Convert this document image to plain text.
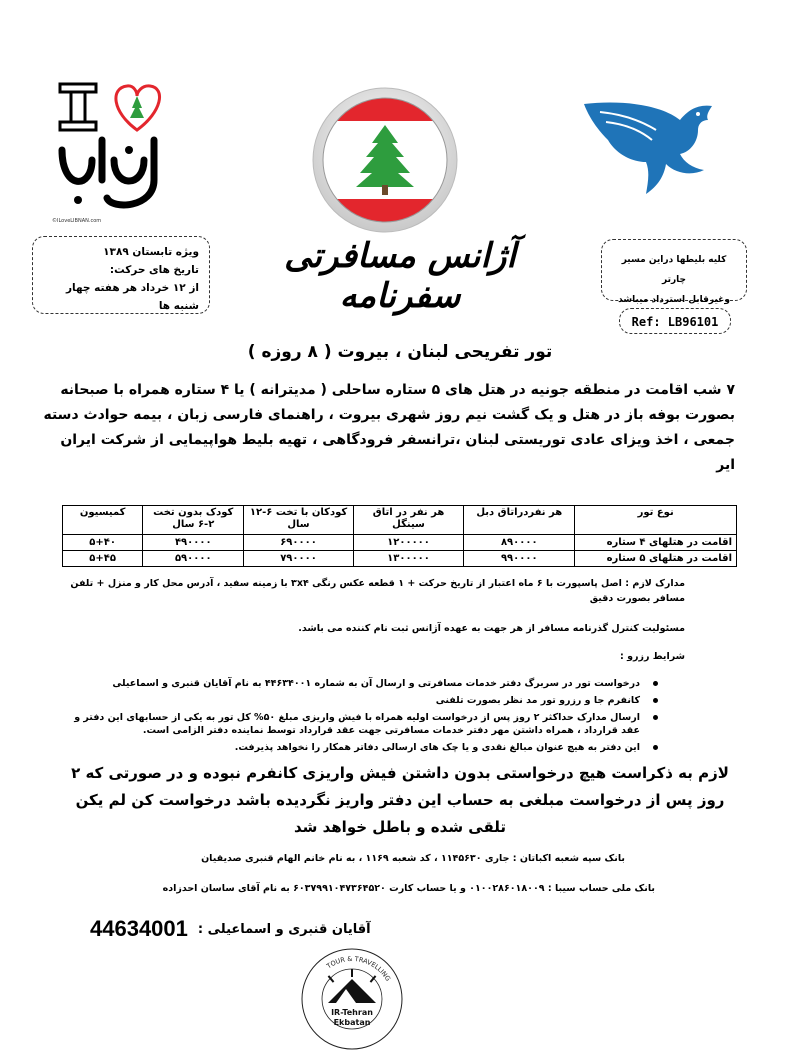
©ILoveLIBNAN.com
آژانس مسافرتی سفرنامه
ویژه تابستان ۱۳۸۹
تاریخ های حرکت:
از ۱۲ خرداد هر هفته چهار شنبه ها
کلیه بلیطها دراین مسیر چارتر
وغیرقابل استرداد میباشد
Ref: LB96101
تور تفریحی لبنان ، بیروت ( ۸ روزه )
۷ شب اقامت در منطقه جونیه در هتل های ۵ ستاره ساحلی ( مدیترانه ) یا ۴ ستاره همراه با صبحانه بصورت بوفه باز در هتل و یک گشت نیم روز شهری بیروت ، راهنمای فارسی زبان ، بیمه حوادث دسته جمعی ، اخذ ویزای عادی توریستی لبنان ،ترانسفر فرودگاهی ، تهیه بلیط هواپیمایی از شرکت ایران ایر
نوع تور	هر نفردراتاق دبل	هر نفر در اتاق سینگل	کودکان با تخت ۶-۱۲ سال	کودک بدون تخت ۲-۶ سال	کمیسیون
اقامت در هتلهای ۴ ستاره	۸۹۰۰۰۰	۱۲۰۰۰۰۰	۶۹۰۰۰۰	۴۹۰۰۰۰	۵+۴۰
اقامت در هتلهای ۵ ستاره	۹۹۰۰۰۰	۱۳۰۰۰۰۰	۷۹۰۰۰۰	۵۹۰۰۰۰	۵+۴۵
مدارک لازم : اصل پاسپورت با ۶ ماه اعتبار از تاریخ حرکت + ۱ قطعه عکس رنگی ۳x۴ با زمینه سفید ، آدرس محل کار و منزل + تلفن مسافر بصورت دقیق
مسئولیت کنترل گذرنامه مسافر از هر جهت به عهده آژانس ثبت نام کننده می باشد.
شرایط رزرو :
درخواست تور در سربرگ دفتر خدمات مسافرتی و ارسال آن به شماره ۴۴۶۳۴۰۰۱ به نام آقایان قنبری و اسماعیلی
کانفرم جا و رزرو تور مد نظر بصورت تلفنی
ارسال مدارک حداکثر ۲ روز پس از درخواست اولیه همراه با فیش واریزی مبلغ ۵۰% کل تور به یکی از حسابهای این دفتر و عقد قرارداد ، همراه داشتن مهر دفتر خدمات مسافرتی جهت عقد قرارداد توسط نماینده دفتر الزامی است.
این دفتر به هیچ عنوان مبالغ نقدی و یا چک های ارسالی دفاتر همکار را نخواهد پذیرفت.
لازم به ذکراست هیچ درخواستی بدون داشتن فیش واریزی کانفرم نبوده و در صورتی که ۲ روز پس از درخواست مبلغی به حساب این دفتر واریز نگردیده باشد درخواست کن لم یکن تلقی شده و باطل خواهد شد
بانک سپه شعبه اکباتان : جاری ۱۱۴۵۶۳۰ ، کد شعبه ۱۱۶۹ ، به نام خانم الهام قنبری صدیقیان
بانک ملی حساب سیبا : ۰۱۰۰۲۸۶۰۱۸۰۰۹ و یا حساب کارت ۶۰۳۷۹۹۱۰۴۷۳۶۴۵۲۰ به نام آقای ساسان احدزاده
44634001 آقایان قنبری و اسماعیلی :
TOUR & TRAVELLING
IR-Tehran
Ekbatan
